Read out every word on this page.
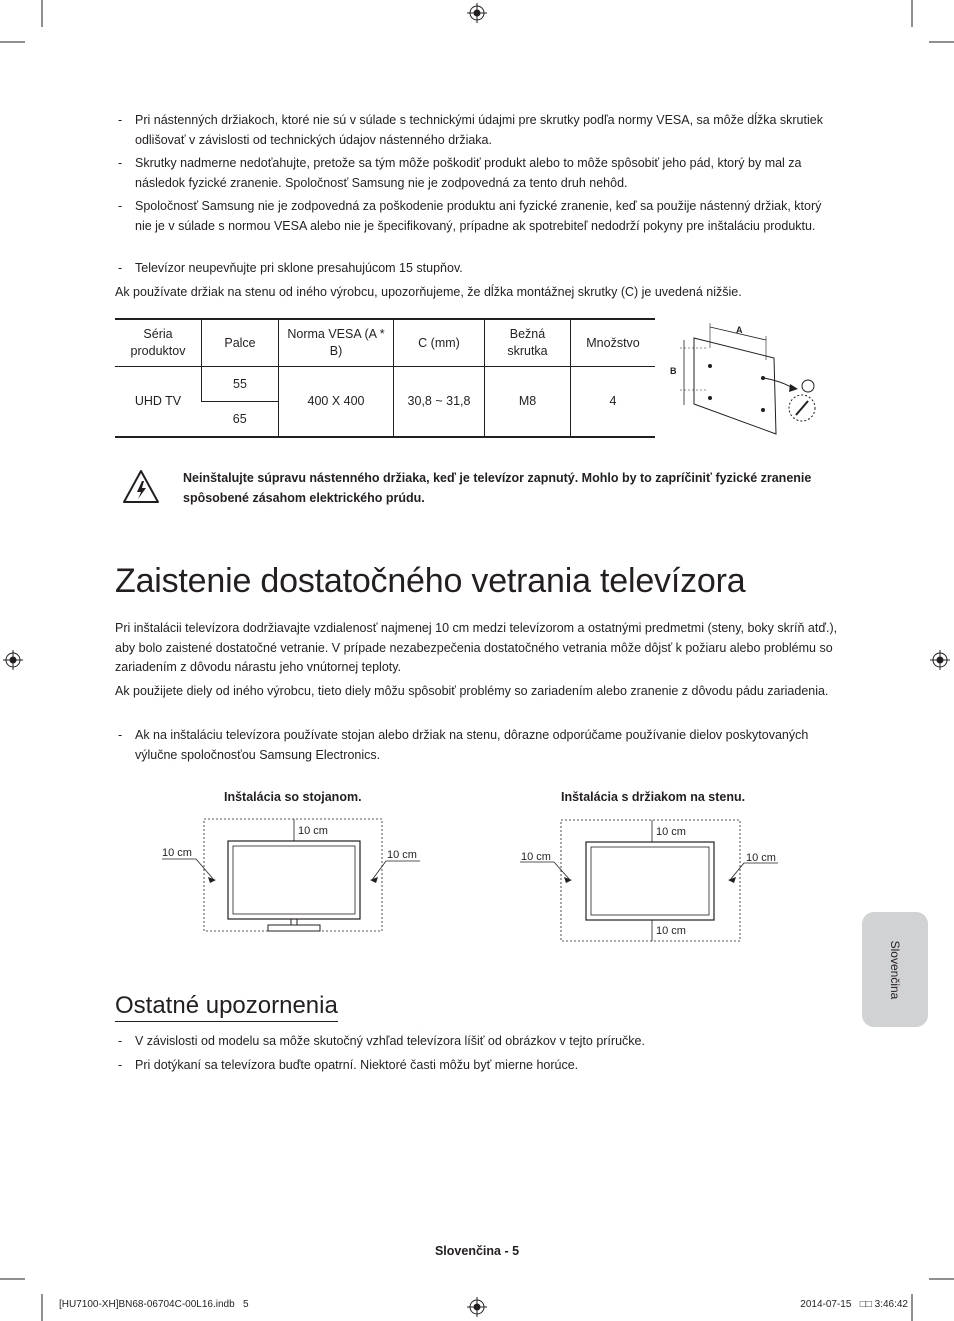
- Pri nástenných držiakoch, ktoré nie sú v súlade s technickými údajmi pre skrutky podľa normy VESA, sa môže dĺžka skrutiek odlišovať v závislosti od technických údajov nástenného držiaka.
- Skrutky nadmerne nedoťahujte, pretože sa tým môže poškodiť produkt alebo to môže spôsobiť jeho pád, ktorý by mal za následok fyzické zranenie. Spoločnosť Samsung nie je zodpovedná za tento druh nehôd.
- Spoločnosť Samsung nie je zodpovedná za poškodenie produktu ani fyzické zranenie, keď sa použije nástenný držiak, ktorý nie je v súlade s normou VESA alebo nie je špecifikovaný, prípadne ak spotrebiteľ nedodrží pokyny pre inštaláciu produktu.
- Televízor neupevňujte pri sklone presahujúcom 15 stupňov.
Ak používate držiak na stenu od iného výrobcu, upozorňujeme, že dĺžka montážnej skrutky (C) je uvedená nižšie.
Séria produktov	Palce	Norma VESA (A * B)	C (mm)	Bežná skrutka	Množstvo
UHD TV	55	400 X 400	30,8 ~ 31,8	M8	4
	65				
A
B
Neinštalujte súpravu nástenného držiaka, keď je televízor zapnutý. Mohlo by to zapríčiniť fyzické zranenie spôsobené zásahom elektrického prúdu.
Zaistenie dostatočného vetrania televízora
Pri inštalácii televízora dodržiavajte vzdialenosť najmenej 10 cm medzi televízorom a ostatnými predmetmi (steny, boky skríň atď.), aby bolo zaistené dostatočné vetranie. V prípade nezabezpečenia dostatočného vetrania môže dôjsť k požiaru alebo problému so zariadením z dôvodu nárastu jeho vnútornej teploty.
Ak použijete diely od iného výrobcu, tieto diely môžu spôsobiť problémy so zariadením alebo zranenie z dôvodu pádu zariadenia.
- Ak na inštaláciu televízora používate stojan alebo držiak na stenu, dôrazne odporúčame používanie dielov poskytovaných výlučne spoločnosťou Samsung Electronics.
Inštalácia so stojanom.	Inštalácia s držiakom na stenu.
10 cm
10 cm	10 cm
10 cm
10 cm
10 cm	10 cm
Ostatné upozornenia
- V závislosti od modelu sa môže skutočný vzhľad televízora líšiť od obrázkov v tejto príručke.
- Pri dotýkaní sa televízora buďte opatrní. Niektoré časti môžu byť mierne horúce.
Slovenčina
Slovenčina - 5
[HU7100-XH]BN68-06704C-00L16.indb   5	2014-07-15   □□ 3:46:42
